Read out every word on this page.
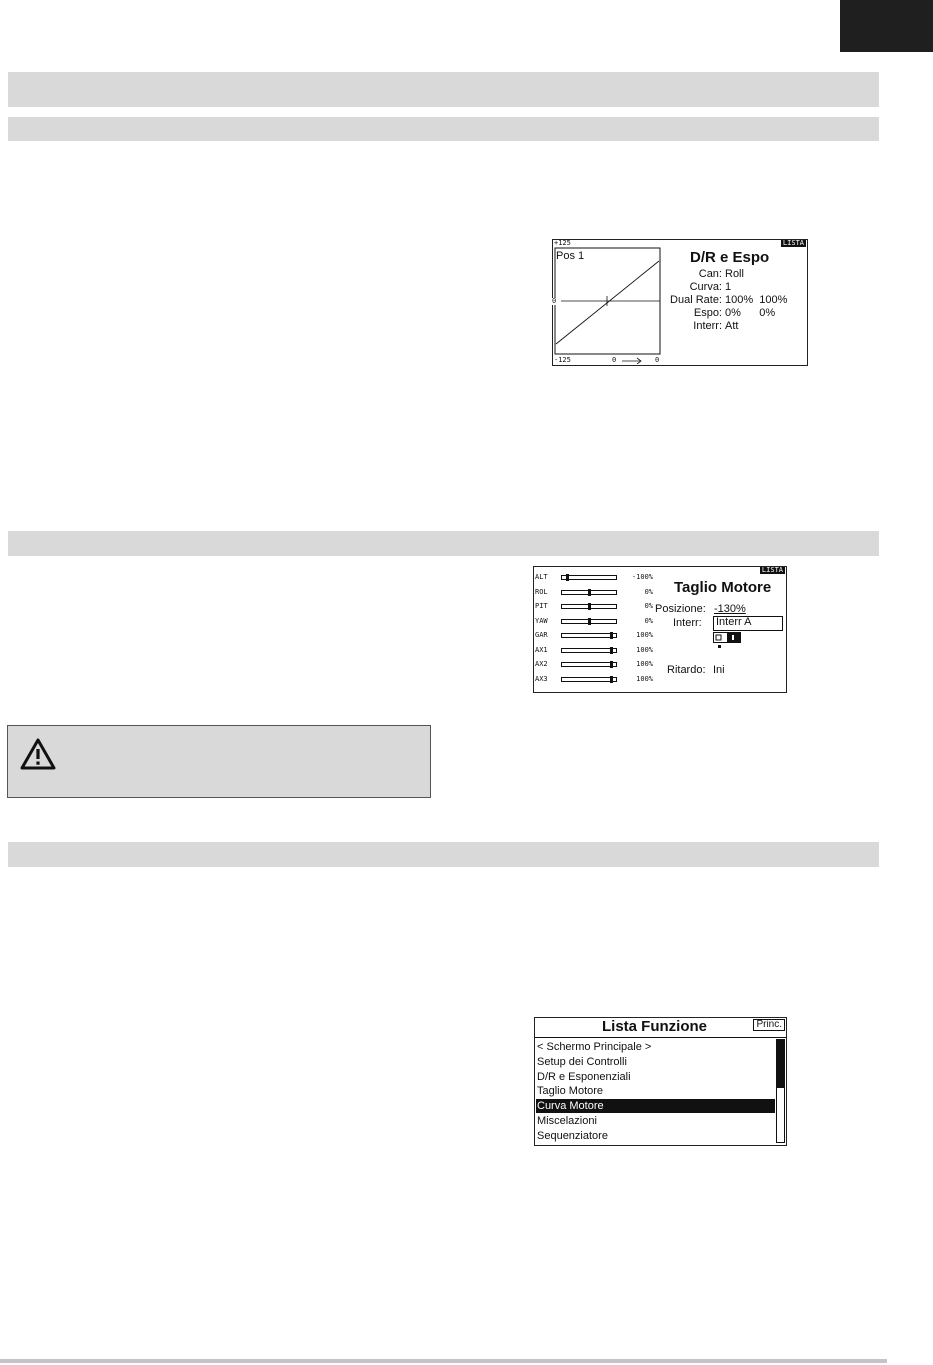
+125
Pos 1
0
-125	0	0
LISTA
D/R e Espo
Can: Roll
Curva: 1
Dual Rate: 100%  100%
Espo: 0%      0%
Interr: Att
ALT	-100%
ROL	0%
PIT	0%
YAW	0%
GAR	100%
AX1	100%
AX2	100%
AX3	100%
LISTA
Taglio Motore
Posizione: -130%
Interr: Interr A
Ritardo: Ini
Lista Funzione	Princ.
< Schermo Principale >
Setup dei Controlli
D/R e Esponenziali
Taglio Motore
Curva Motore
Miscelazioni
Sequenziatore
